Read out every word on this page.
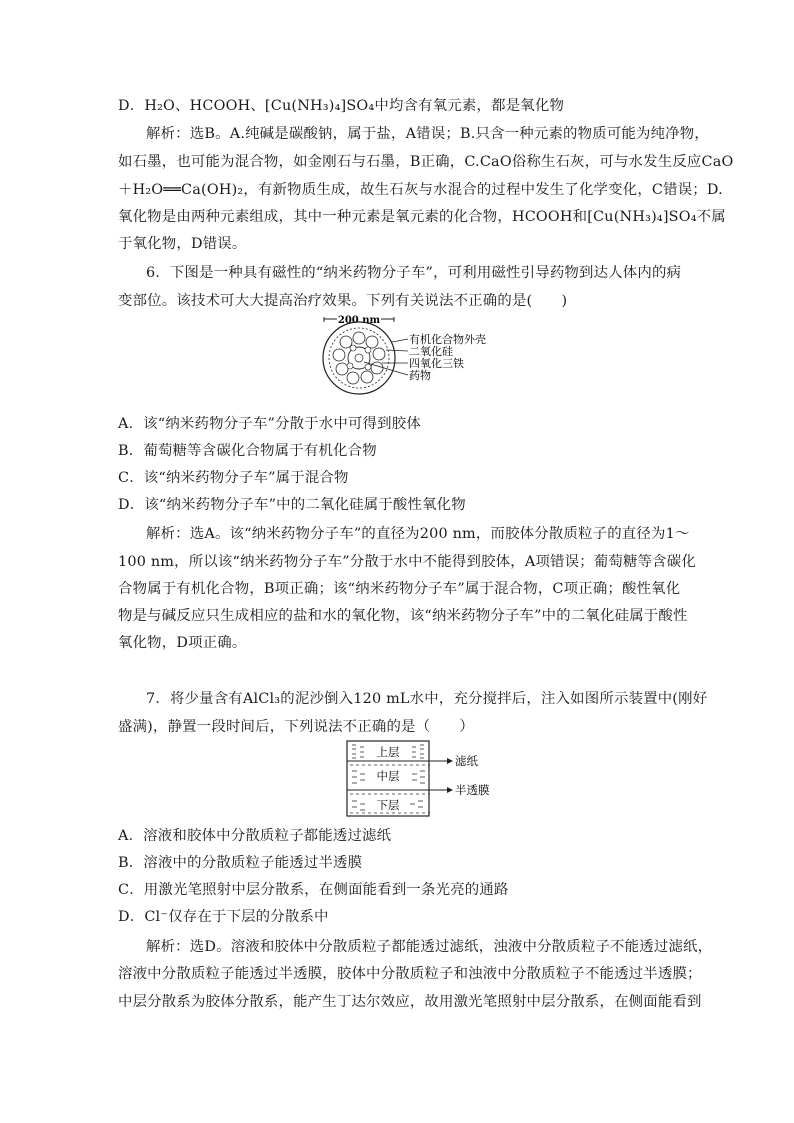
D．H₂O、HCOOH、[Cu(NH₃)₄]SO₄中均含有氧元素，都是氧化物
解析：选B。A.纯碱是碳酸钠，属于盐，A错误；B.只含一种元素的物质可能为纯净物，
如石墨，也可能为混合物，如金刚石与石墨，B正确，C.CaO俗称生石灰，可与水发生反应CaO
＋H₂O══Ca(OH)₂，有新物质生成，故生石灰与水混合的过程中发生了化学变化，C错误；D.
氧化物是由两种元素组成，其中一种元素是氧元素的化合物，HCOOH和[Cu(NH₃)₄]SO₄不属
于氧化物，D错误。
6．下图是一种具有磁性的“纳米药物分子车”，可利用磁性引导药物到达人体内的病
变部位。该技术可大大提高治疗效果。下列有关说法不正确的是(　　)
200 nm
有机化合物外壳
二氧化硅
四氧化三铁
药物
A．该“纳米药物分子车”分散于水中可得到胶体
B．葡萄糖等含碳化合物属于有机化合物
C．该“纳米药物分子车”属于混合物
D．该“纳米药物分子车”中的二氧化硅属于酸性氧化物
解析：选A。该“纳米药物分子车”的直径为200 nm，而胶体分散质粒子的直径为1～
100 nm，所以该“纳米药物分子车”分散于水中不能得到胶体，A项错误；葡萄糖等含碳化
合物属于有机化合物，B项正确；该“纳米药物分子车”属于混合物，C项正确；酸性氧化
物是与碱反应只生成相应的盐和水的氧化物，该“纳米药物分子车”中的二氧化硅属于酸性
氧化物，D项正确。
7．将少量含有AlCl₃的泥沙倒入120 mL水中，充分搅拌后，注入如图所示装置中(刚好
盛满)，静置一段时间后，下列说法不正确的是（　　）
上层
中层
下层
滤纸
半透膜
A．溶液和胶体中分散质粒子都能透过滤纸
B．溶液中的分散质粒子能透过半透膜
C．用激光笔照射中层分散系，在侧面能看到一条光亮的通路
D．Cl⁻仅存在于下层的分散系中
解析：选D。溶液和胶体中分散质粒子都能透过滤纸，浊液中分散质粒子不能透过滤纸，
溶液中分散质粒子能透过半透膜，胶体中分散质粒子和浊液中分散质粒子不能透过半透膜；
中层分散系为胶体分散系，能产生丁达尔效应，故用激光笔照射中层分散系，在侧面能看到
